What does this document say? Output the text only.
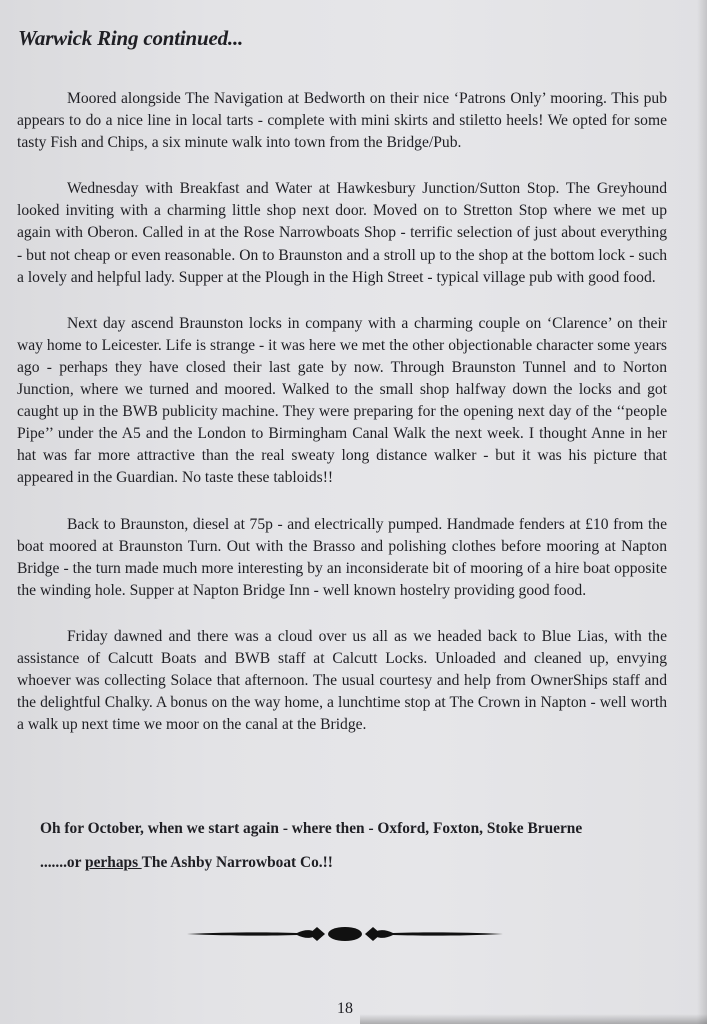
Warwick Ring continued...

Moored alongside The Navigation at Bedworth on their nice ‘Patrons Only’ mooring. This pub appears to do a nice line in local tarts - complete with mini skirts and stiletto heels! We opted for some tasty Fish and Chips, a six minute walk into town from the Bridge/Pub.

Wednesday with Breakfast and Water at Hawkesbury Junction/Sutton Stop. The Greyhound looked inviting with a charming little shop next door. Moved on to Stretton Stop where we met up again with Oberon. Called in at the Rose Narrowboats Shop - terrific selection of just about everything - but not cheap or even reasonable. On to Braunston and a stroll up to the shop at the bottom lock - such a lovely and helpful lady. Supper at the Plough in the High Street - typical village pub with good food.

Next day ascend Braunston locks in company with a charming couple on ‘Clarence’ on their way home to Leicester. Life is strange - it was here we met the other objectionable character some years ago - perhaps they have closed their last gate by now. Through Braunston Tunnel and to Norton Junction, where we turned and moored. Walked to the small shop halfway down the locks and got caught up in the BWB publicity machine. They were preparing for the opening next day of the ‘‘people Pipe’’ under the A5 and the London to Birmingham Canal Walk the next week. I thought Anne in her hat was far more attractive than the real sweaty long distance walker - but it was his picture that appeared in the Guardian. No taste these tabloids!!

Back to Braunston, diesel at 75p - and electrically pumped. Handmade fenders at £10 from the boat moored at Braunston Turn. Out with the Brasso and polishing clothes before mooring at Napton Bridge - the turn made much more interesting by an inconsiderate bit of mooring of a hire boat opposite the winding hole. Supper at Napton Bridge Inn - well known hostelry providing good food.

Friday dawned and there was a cloud over us all as we headed back to Blue Lias, with the assistance of Calcutt Boats and BWB staff at Calcutt Locks. Unloaded and cleaned up, envying whoever was collecting Solace that afternoon. The usual courtesy and help from OwnerShips staff and the delightful Chalky. A bonus on the way home, a lunchtime stop at The Crown in Napton - well worth a walk up next time we moor on the canal at the Bridge.

Oh for October, when we start again - where then - Oxford, Foxton, Stoke Bruerne
.......or perhaps The Ashby Narrowboat Co.!!
18
